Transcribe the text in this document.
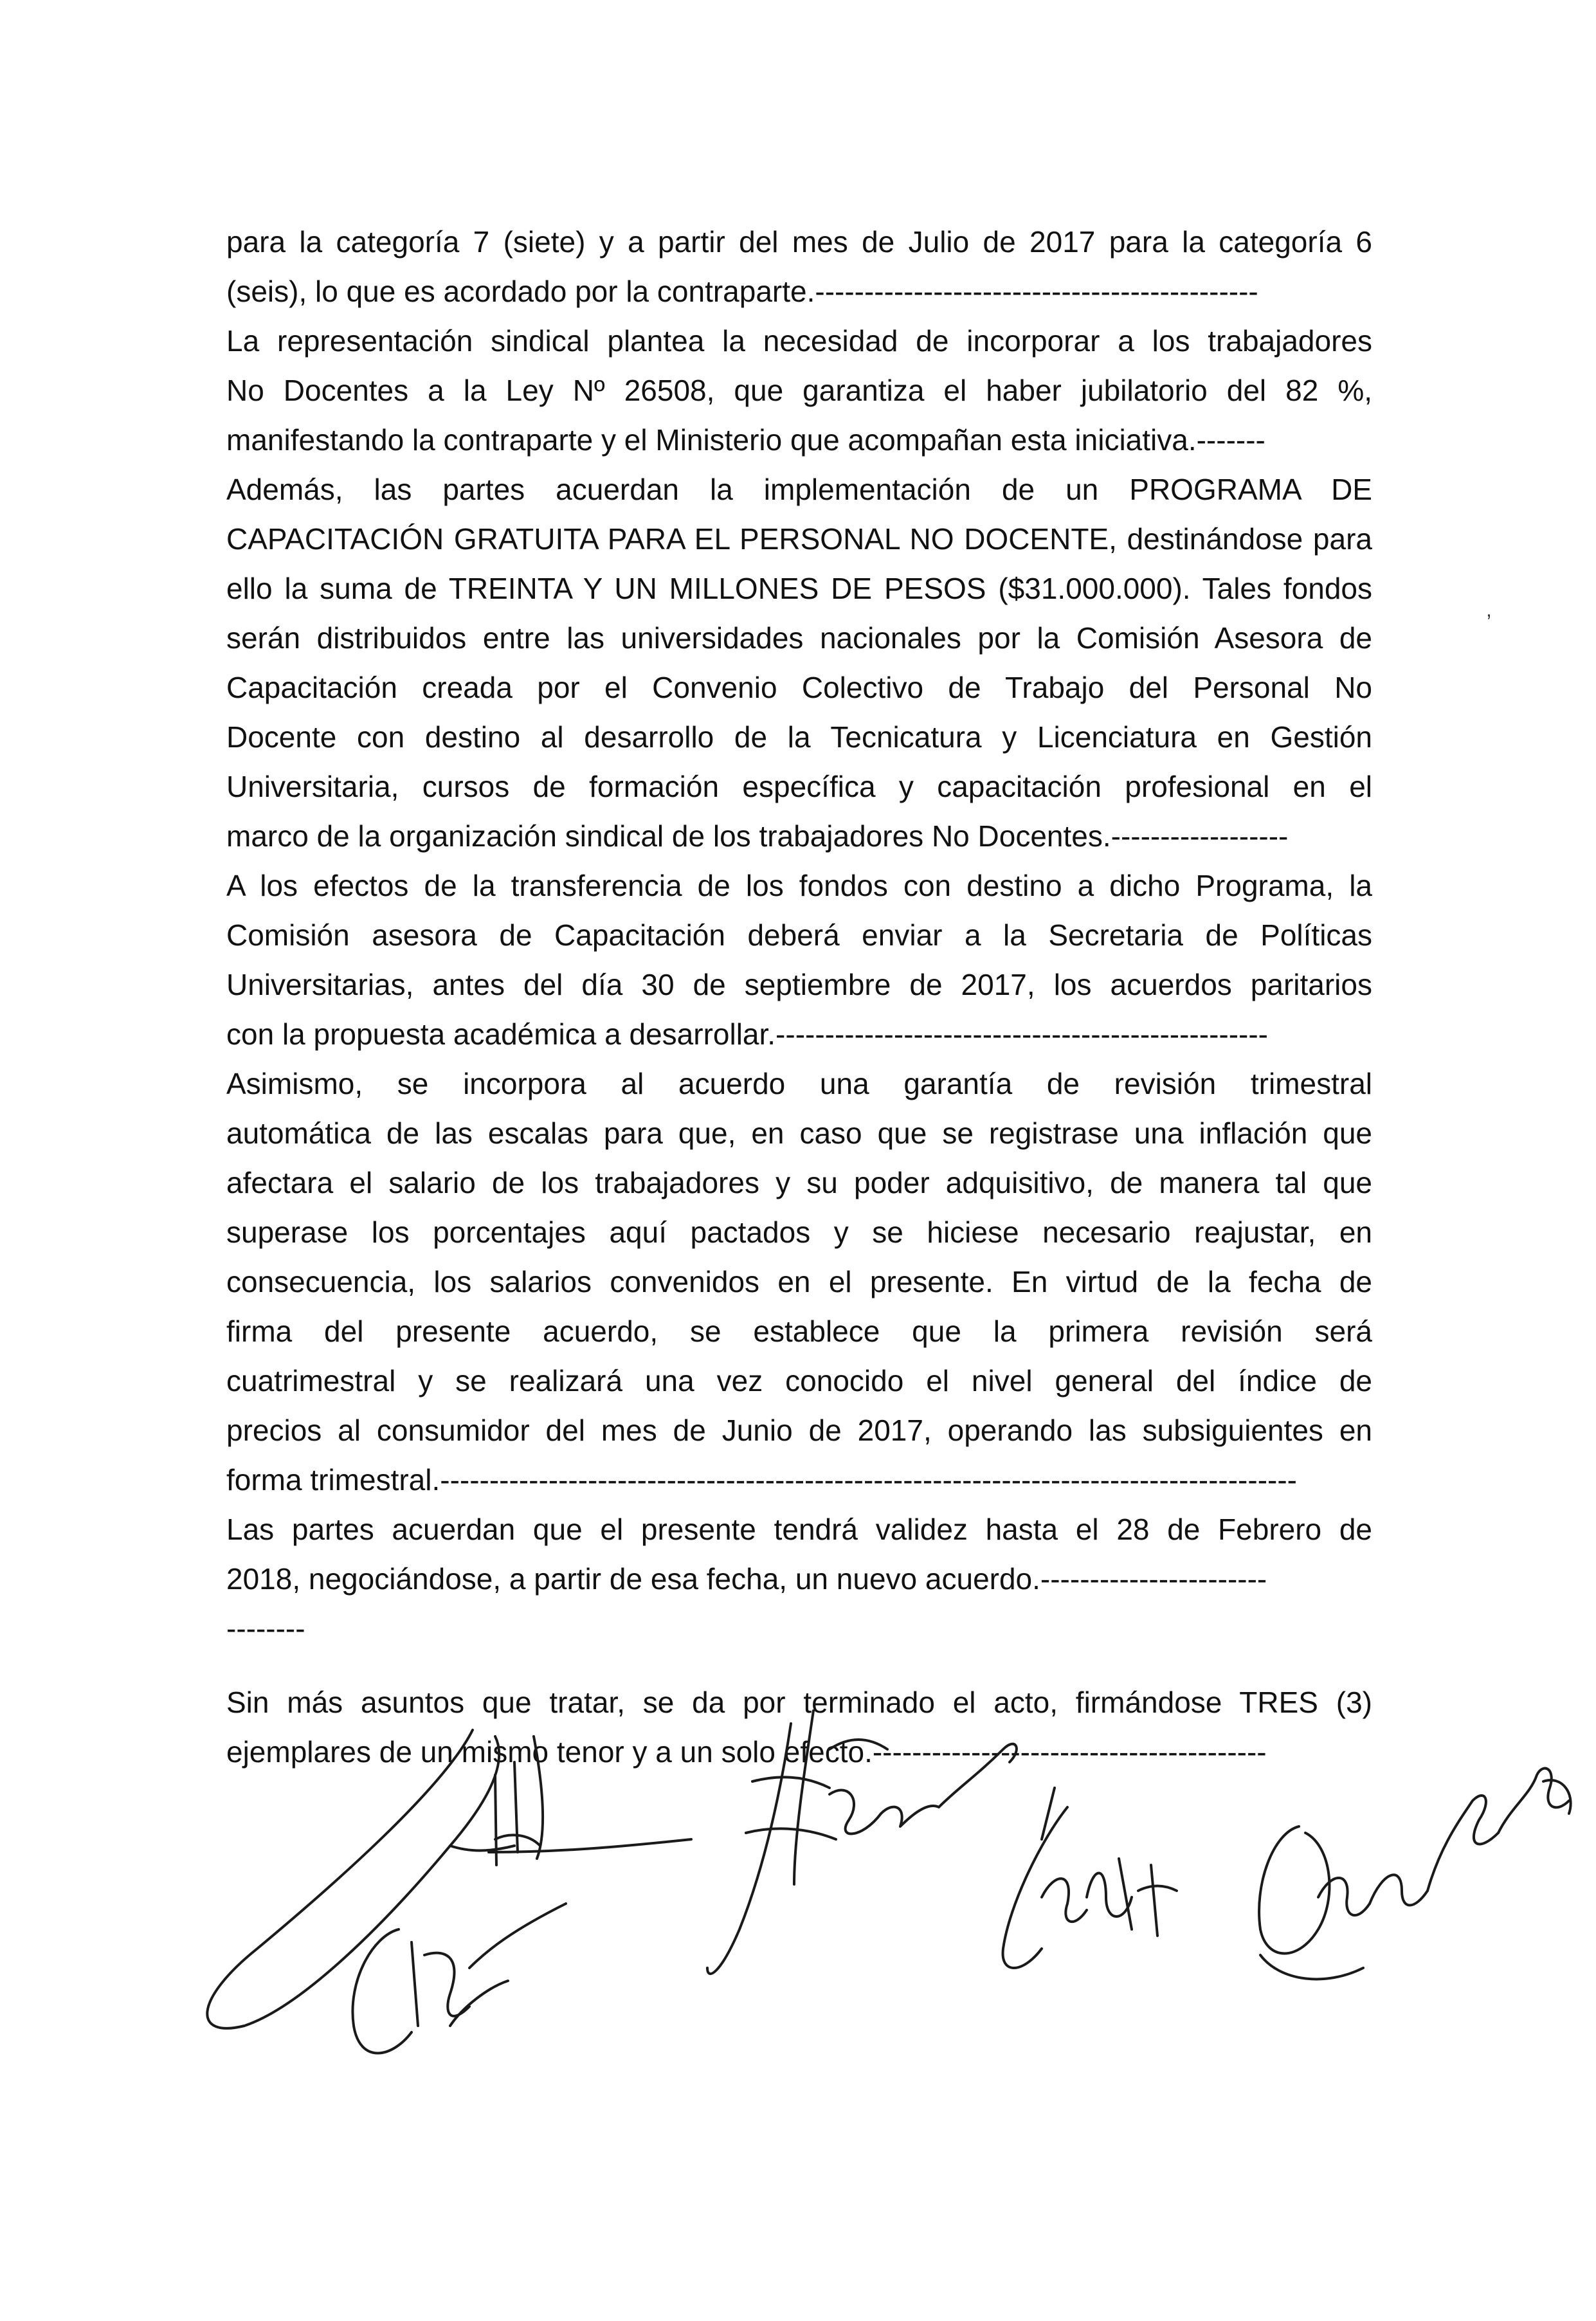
para la categoría 7 (siete) y a partir del mes de Julio de 2017 para la categoría 6
(seis), lo que es acordado por la contraparte.---------------------------------------------
La representación sindical plantea la necesidad de incorporar a los trabajadores
No Docentes a la Ley Nº 26508, que garantiza el haber jubilatorio del 82 %,
manifestando la contraparte y el Ministerio que acompañan esta iniciativa.-------
Además, las partes acuerdan la implementación de un PROGRAMA DE
CAPACITACIÓN GRATUITA PARA EL PERSONAL NO DOCENTE, destinándose para
ello la suma de TREINTA Y UN MILLONES DE PESOS ($31.000.000). Tales fondos
serán distribuidos entre las universidades nacionales por la Comisión Asesora de
Capacitación creada por el Convenio Colectivo de Trabajo del Personal No
Docente con destino al desarrollo de la Tecnicatura y Licenciatura en Gestión
Universitaria, cursos de formación específica y capacitación profesional en el
marco de la organización sindical de los trabajadores No Docentes.------------------
A los efectos de la transferencia de los fondos con destino a dicho Programa, la
Comisión asesora de Capacitación deberá enviar a la Secretaria de Políticas
Universitarias, antes del día 30 de septiembre de 2017, los acuerdos paritarios
con la propuesta académica a desarrollar.--------------------------------------------------
Asimismo, se incorpora al acuerdo una garantía de revisión trimestral
automática de las escalas para que, en caso que se registrase una inflación que
afectara el salario de los trabajadores y su poder adquisitivo, de manera tal que
superase los porcentajes aquí pactados y se hiciese necesario reajustar, en
consecuencia, los salarios convenidos en el presente. En virtud de la fecha de
firma del presente acuerdo, se establece que la primera revisión será
cuatrimestral y se realizará una vez conocido el nivel general del índice de
precios al consumidor del mes de Junio de 2017, operando las subsiguientes en
forma trimestral.---------------------------------------------------------------------------------------
Las partes acuerdan que el presente tendrá validez hasta el 28 de Febrero de
2018, negociándose, a partir de esa fecha, un nuevo acuerdo.-----------------------
--------
Sin más asuntos que tratar, se da por terminado el acto, firmándose TRES (3)
ejemplares de un mismo tenor y a un solo efecto.----------------------------------------
ʼ
